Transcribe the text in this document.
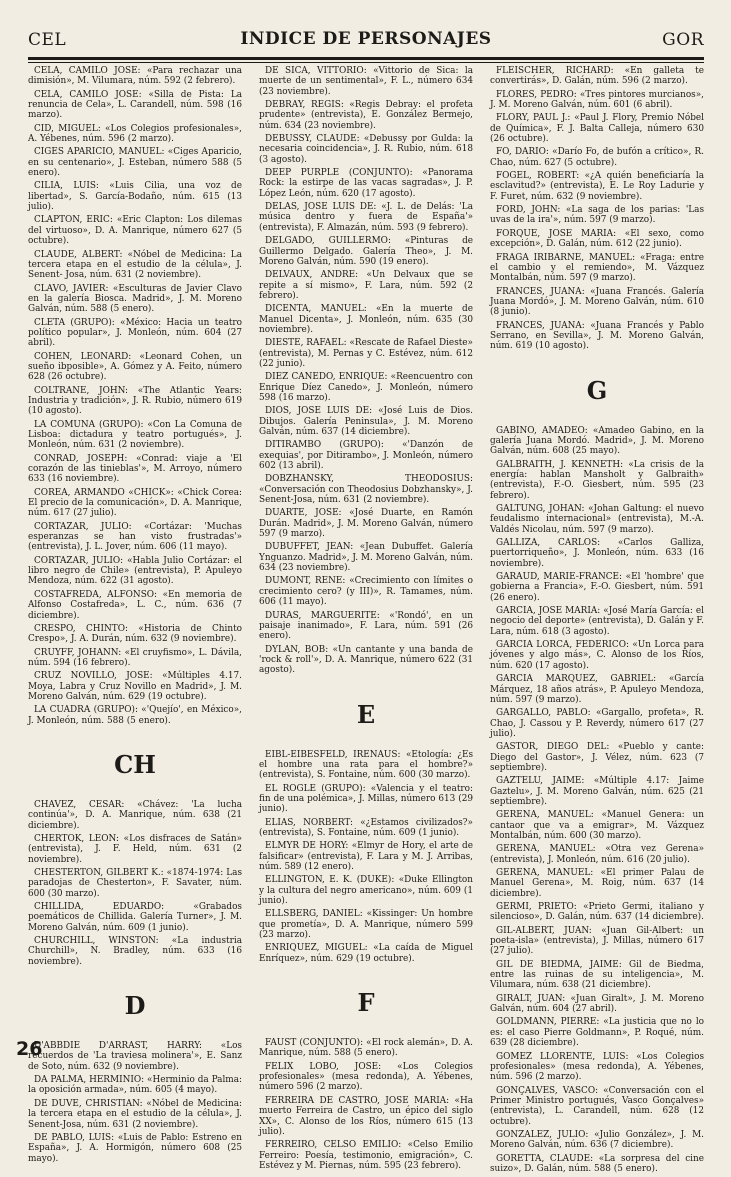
CEL	INDICE DE PERSONAJES	GOR

CELA, CAMILO JOSE: «Para rechazar una dimisión», M. Vilumara, núm. 592 (2 febrero).

CELA, CAMILO JOSE: «Silla de Pista: La renuncia de Cela», L. Carandell, núm. 598 (16 marzo).

CID, MIGUEL: «Los Colegios profesionales», A. Yébenes, núm. 596 (2 marzo).

CIGES APARICIO, MANUEL: «Ciges Aparicio, en su centenario», J. Esteban, número 588 (5 enero).

CILIA, LUIS: «Luis Cilia, una voz de libertad», S. García-Bodaño, núm. 615 (13 julio).

CLAPTON, ERIC: «Eric Clapton: Los dilemas del virtuoso», D. A. Manrique, número 627 (5 octubre).

CLAUDE, ALBERT: «Nóbel de Medicina: La tercera etapa en el estudio de la célula», J. Senent- Josa, núm. 631 (2 noviembre).

CLAVO, JAVIER: «Esculturas de Javier Clavo en la galería Biosca. Madrid», J. M. Moreno Galván, núm. 588 (5 enero).

CLETA (GRUPO): «México: Hacia un teatro político popular», J. Monleón, núm. 604 (27 abril).

COHEN, LEONARD: «Leonard Cohen, un sueño ibposible», A. Gómez y A. Feito, número 628 (26 octubre).

COLTRANE, JOHN: «The Atlantic Years: Industria y tradición», J. R. Rubio, número 619 (10 agosto).

LA COMUNA (GRUPO): «Con La Comuna de Lisboa: dictadura y teatro portugués», J. Monleón, núm. 631 (2 noviembre).

CONRAD, JOSEPH: «Conrad: viaje a 'El corazón de las tinieblas'», M. Arroyo, número 633 (16 noviembre).

COREA, ARMANDO «CHICK»: «Chick Corea: El precio de la comunicación», D. A. Manrique, núm. 617 (27 julio).

CORTAZAR, JULIO: «Cortázar: 'Muchas esperanzas se han visto frustradas'» (entrevista), J. L. Jover, núm. 606 (11 mayo).

CORTAZAR, JULIO: «Habla Julio Cortázar: el libro negro de Chile» (entrevista), P. Apuleyo Mendoza, núm. 622 (31 agosto).

COSTAFREDA, ALFONSO: «En memoria de Alfonso Costafreda», L. C., núm. 636 (7 diciembre).

CRESPO, CHINTO: «Historia de Chinto Crespo», J. A. Durán, núm. 632 (9 noviembre).

CRUYFF, JOHANN: «El cruyfismo», L. Dávila, núm. 594 (16 febrero).

CRUZ NOVILLO, JOSE: «Múltiples 4.17. Moya, Labra y Cruz Novillo en Madrid», J. M. Moreno Galván, núm. 629 (19 octubre).

LA CUADRA (GRUPO): «'Quejío', en México», J. Monleón, núm. 588 (5 enero).

CH

CHAVEZ, CESAR: «Chávez: 'La lucha continúa'», D. A. Manrique, núm. 638 (21 diciembre).

CHERTOK, LEON: «Los disfraces de Satán» (entrevista), J. F. Held, núm. 631 (2 noviembre).

CHESTERTON, GILBERT K.: «1874-1974: Las paradojas de Chesterton», F. Savater, núm. 600 (30 marzo).

CHILLIDA, EDUARDO: «Grabados poemáticos de Chillida. Galería Turner», J. M. Moreno Galván, núm. 609 (1 junio).

CHURCHILL, WINSTON: «La industria Churchill», N. Bradley, núm. 633 (16 noviembre).

D

D'ABBDIE D'ARRAST, HARRY: «Los recuerdos de 'La traviesa molinera'», E. Sanz de Soto, núm. 632 (9 noviembre).

DA PALMA, HERMINIO: «Herminio da Palma: la oposición armada», núm. 605 (4 mayo).

DE DUVE, CHRISTIAN: «Nóbel de Medicina: la tercera etapa en el estudio de la célula», J. Senent-Josa, núm. 631 (2 noviembre).

DE PABLO, LUIS: «Luis de Pablo: Estreno en España», J. A. Hormigón, número 608 (25 mayo).

DE SICA, VITTORIO: «Vittorio de Sica: la muerte de un sentimental», F. L., número 634 (23 noviembre).

DEBRAY, REGIS: «Regis Debray: el profeta prudente» (entrevista), E. González Bermejo, núm. 634 (23 noviembre).

DEBUSSY, CLAUDE: «Debussy por Gulda: la necesaria coincidencia», J. R. Rubio, núm. 618 (3 agosto).

DEEP PURPLE (CONJUNTO): «Panorama Rock: la estirpe de las vacas sagradas», J. P. López León, núm. 620 (17 agosto).

DELAS, JOSE LUIS DE: «J. L. de Delás: 'La música dentro y fuera de España'» (entrevista), F. Almazán, núm. 593 (9 febrero).

DELGADO, GUILLERMO: «Pinturas de Guillermo Delgado. Galería Theo», J. M. Moreno Galván, núm. 590 (19 enero).

DELVAUX, ANDRE: «Un Delvaux que se repite a sí mismo», F. Lara, núm. 592 (2 febrero).

DICENTA, MANUEL: «En la muerte de Manuel Dicenta», J. Monleón, núm. 635 (30 noviembre).

DIESTE, RAFAEL: «Rescate de Rafael Dieste» (entrevista), M. Pernas y C. Estévez, núm. 612 (22 junio).

DIEZ CANEDO, ENRIQUE: «Reencuentro con Enrique Díez Canedo», J. Monleón, número 598 (16 marzo).

DIOS, JOSE LUIS DE: «José Luis de Dios. Dibujos. Galería Peninsula», J. M. Moreno Galván, núm. 637 (14 diciembre).

DITIRAMBO (GRUPO): «'Danzón de exequias', por Ditirambo», J. Monleón, número 602 (13 abril).

DOBZHANSKY, THEODOSIUS: «Conversación con Theodosius Dobzhansky», J. Senent-Josa, núm. 631 (2 noviembre).

DUARTE, JOSE: «José Duarte, en Ramón Durán. Madrid», J. M. Moreno Galván, número 597 (9 marzo).

DUBUFFET, JEAN: «Jean Dubuffet. Galería Ynguanzo. Madrid», J. M. Moreno Galván, núm. 634 (23 noviembre).

DUMONT, RENE: «Crecimiento con límites o crecimiento cero? (y III)», R. Tamames, núm. 606 (11 mayo).

DURAS, MARGUERITE: «'Rondó', en un paisaje inanimado», F. Lara, núm. 591 (26 enero).

DYLAN, BOB: «Un cantante y una banda de 'rock & roll'», D. A. Manrique, número 622 (31 agosto).

E

EIBL-EIBESFELD, IRENAUS: «Etología: ¿Es el hombre una rata para el hombre?» (entrevista), S. Fontaine, núm. 600 (30 marzo).

EL ROGLE (GRUPO): «Valencia y el teatro: fin de una polémica», J. Millas, número 613 (29 junio).

ELIAS, NORBERT: «¿Estamos civilizados?» (entrevista), S. Fontaine, núm. 609 (1 junio).

ELMYR DE HORY: «Elmyr de Hory, el arte de falsificar» (entrevista), F. Lara y M. J. Arribas, núm. 589 (12 enero).

ELLINGTON, E. K. (DUKE): «Duke Ellington y la cultura del negro americano», núm. 609 (1 junio).

ELLSBERG, DANIEL: «Kissinger: Un hombre que prometía», D. A. Manrique, número 599 (23 marzo).

ENRIQUEZ, MIGUEL: «La caída de Miguel Enríquez», núm. 629 (19 octubre).

F

FAUST (CONJUNTO): «El rock alemán», D. A. Manrique, núm. 588 (5 enero).

FELIX LOBO, JOSE: «Los Colegios profesionales» (mesa redonda), A. Yébenes, número 596 (2 marzo).

FERREIRA DE CASTRO, JOSE MARIA: «Ha muerto Ferreira de Castro, un épico del siglo XX», C. Alonso de los Ríos, número 615 (13 julio).

FERREIRO, CELSO EMILIO: «Celso Emilio Ferreiro: Poesía, testimonio, emigración», C. Estévez y M. Piernas, núm. 595 (23 febrero).

FLEISCHER, RICHARD: «En galleta te convertirás», D. Galán, núm. 596 (2 marzo).

FLORES, PEDRO: «Tres pintores murcianos», J. M. Moreno Galván, núm. 601 (6 abril).

FLORY, PAUL J.: «Paul J. Flory, Premio Nóbel de Química», F. J. Balta Calleja, número 630 (26 octubre).

FO, DARIO: «Darío Fo, de bufón a crítico», R. Chao, núm. 627 (5 octubre).

FOGEL, ROBERT: «¿A quién beneficiaría la esclavitud?» (entrevista), E. Le Roy Ladurie y F. Furet, núm. 632 (9 noviembre).

FORD, JOHN: «La saga de los parias: 'Las uvas de la ira'», núm. 597 (9 marzo).

FORQUE, JOSE MARIA: «El sexo, como excepción», D. Galán, núm. 612 (22 junio).

FRAGA IRIBARNE, MANUEL: «Fraga: entre el cambio y el remiendo», M. Vázquez Montalbán, núm. 597 (9 marzo).

FRANCES, JUANA: «Juana Francés. Galería Juana Mordó», J. M. Moreno Galván, núm. 610 (8 junio).

FRANCES, JUANA: «Juana Francés y Pablo Serrano, en Sevilla», J. M. Moreno Galván, núm. 619 (10 agosto).

G

GABINO, AMADEO: «Amadeo Gabino, en la galería Juana Mordó. Madrid», J. M. Moreno Galván, núm. 608 (25 mayo).

GALBRAITH, J. KENNETH: «La crisis de la energía: hablan Mansholt y Galbraith» (entrevista), F.-O. Giesbert, núm. 595 (23 febrero).

GALTUNG, JOHAN: «Johan Galtung: el nuevo feudalismo internacional» (entrevista), M.-A. Valdés Nicolau, núm. 597 (9 marzo).

GALLIZA, CARLOS: «Carlos Galliza, puertorriqueño», J. Monleón, núm. 633 (16 noviembre).

GARAUD, MARIE-FRANCE: «El 'hombre' que gobierna a Francia», F.-O. Giesbert, núm. 591 (26 enero).

GARCIA, JOSE MARIA: «José María García: el negocio del deporte» (entrevista), D. Galán y F. Lara, núm. 618 (3 agosto).

GARCIA LORCA, FEDERICO: «Un Lorca para jóvenes y algo más», C. Alonso de los Ríos, núm. 620 (17 agosto).

GARCIA MARQUEZ, GABRIEL: «García Márquez, 18 años atrás», P. Apuleyo Mendoza, núm. 597 (9 marzo).

GARGALLO, PABLO: «Gargallo, profeta», R. Chao, J. Cassou y P. Reverdy, número 617 (27 julio).

GASTOR, DIEGO DEL: «Pueblo y cante: Diego del Gastor», J. Vélez, núm. 623 (7 septiembre).

GAZTELU, JAIME: «Múltiple 4.17: Jaime Gaztelu», J. M. Moreno Galván, núm. 625 (21 septiembre).

GERENA, MANUEL: «Manuel Genera: un cantaor que va a emigrar», M. Vázquez Montalbán, núm. 600 (30 marzo).

GERENA, MANUEL: «Otra vez Gerena» (entrevista), J. Monleón, núm. 616 (20 julio).

GERENA, MANUEL: «El primer Palau de Manuel Gerena», M. Roig, núm. 637 (14 diciembre).

GERMI, PRIETO: «Prieto Germi, italiano y silencioso», D. Galán, núm. 637 (14 diciembre).

GIL-ALBERT, JUAN: «Juan Gil-Albert: un poeta-isla» (entrevista), J. Millas, número 617 (27 julio).

GIL DE BIEDMA, JAIME: Gil de Biedma, entre las ruinas de su inteligencia», M. Vilumara, núm. 638 (21 diciembre).

GIRALT, JUAN: «Juan Giralt», J. M. Moreno Galván, núm. 604 (27 abril).

GOLDMANN, PIERRE: «La justicia que no lo es: el caso Pierre Goldmann», P. Roqué, núm. 639 (28 diciembre).

GOMEZ LLORENTE, LUIS: «Los Colegios profesionales» (mesa redonda), A. Yébenes, núm. 596 (2 marzo).

GONÇALVES, VASCO: «Conversación con el Primer Ministro portugués, Vasco Gonçalves» (entrevista), L. Carandell, núm. 628 (12 octubre).

GONZALEZ, JULIO: «Julio González», J. M. Moreno Galván, núm. 636 (7 diciembre).

GORETTA, CLAUDE: «La sorpresa del cine suizo», D. Galán, núm. 588 (5 enero).

26
